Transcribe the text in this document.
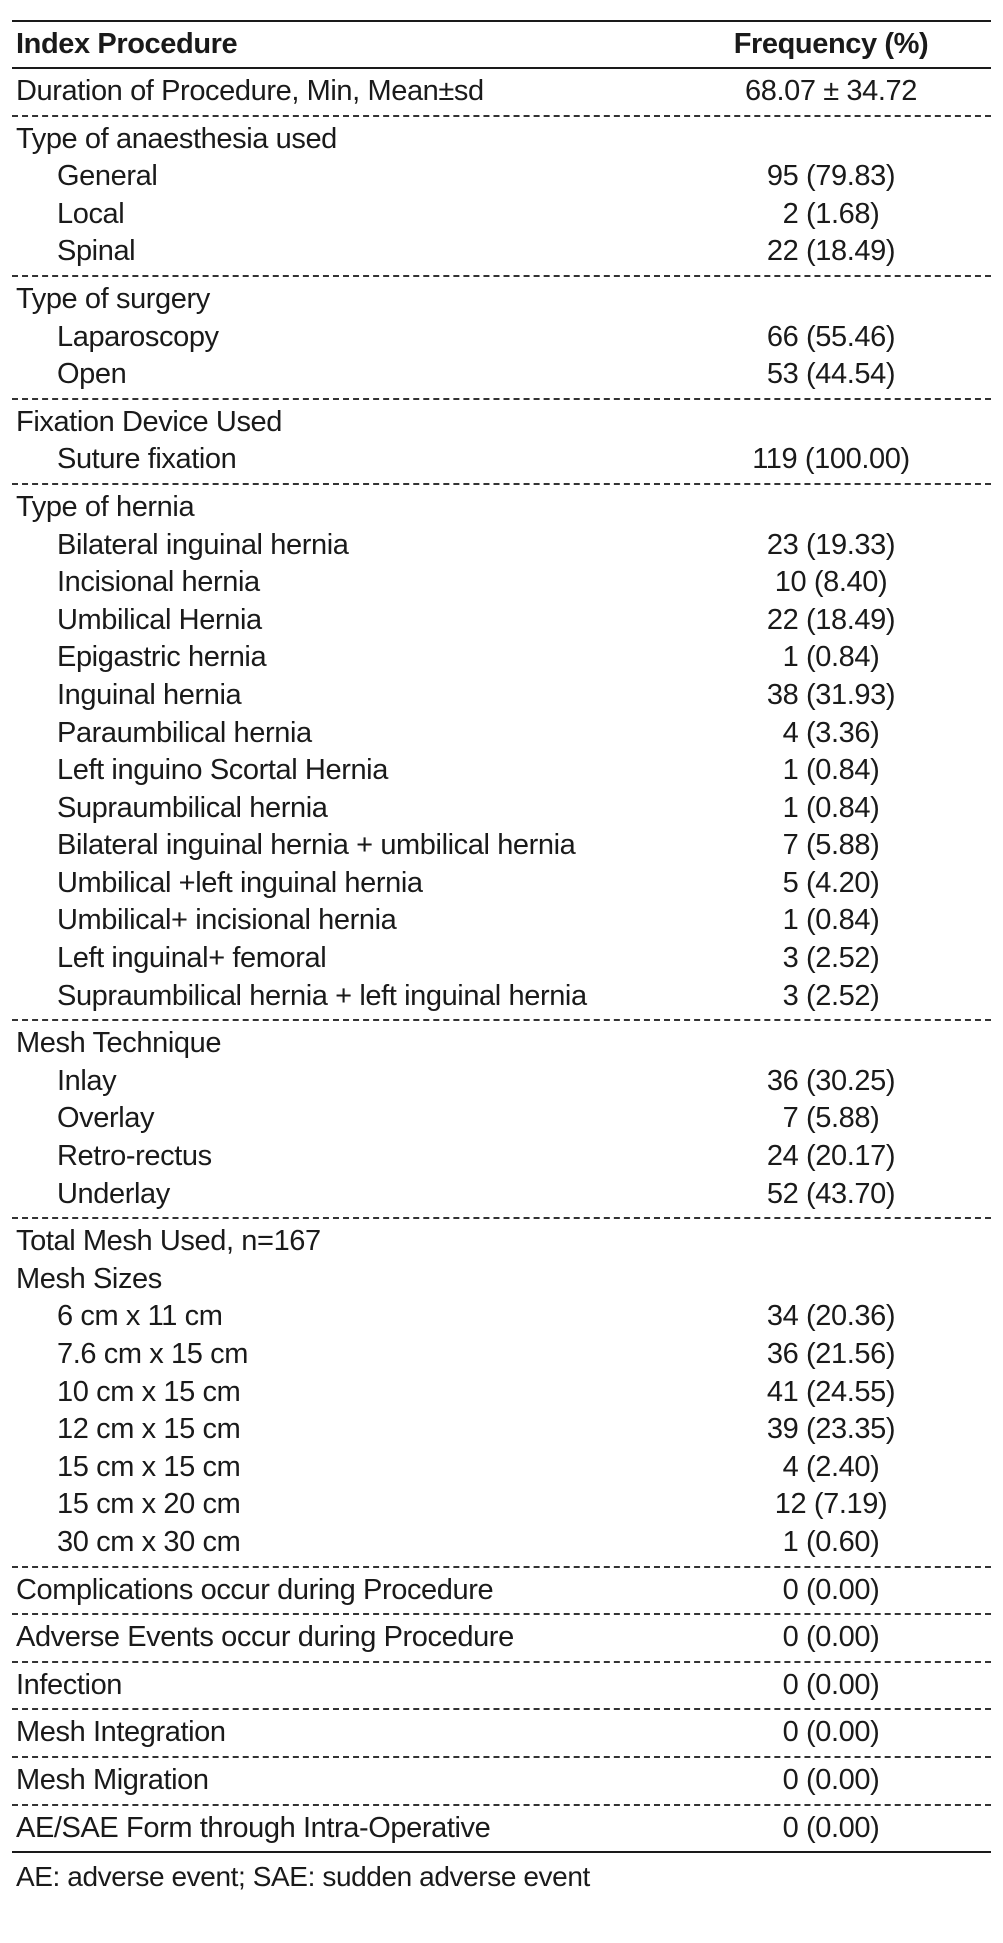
Index Procedure	Frequency (%)
Duration of Procedure, Min, Mean±sd	68.07 ± 34.72
Type of anaesthesia used
General	95 (79.83)
Local	2 (1.68)
Spinal	22 (18.49)
Type of surgery
Laparoscopy	66 (55.46)
Open	53 (44.54)
Fixation Device Used
Suture fixation	119 (100.00)
Type of hernia
Bilateral inguinal hernia	23 (19.33)
Incisional hernia	10 (8.40)
Umbilical Hernia	22 (18.49)
Epigastric hernia	1 (0.84)
Inguinal hernia	38 (31.93)
Paraumbilical hernia	4 (3.36)
Left inguino Scortal Hernia	1 (0.84)
Supraumbilical hernia	1 (0.84)
Bilateral inguinal hernia + umbilical hernia	7 (5.88)
Umbilical +left inguinal hernia	5 (4.20)
Umbilical+ incisional hernia	1 (0.84)
Left inguinal+ femoral	3 (2.52)
Supraumbilical hernia + left inguinal hernia	3 (2.52)
Mesh Technique
Inlay	36 (30.25)
Overlay	7 (5.88)
Retro-rectus	24 (20.17)
Underlay	52 (43.70)
Total Mesh Used, n=167
Mesh Sizes
6 cm x 11 cm	34 (20.36)
7.6 cm x 15 cm	36 (21.56)
10 cm x 15 cm	41 (24.55)
12 cm x 15 cm	39 (23.35)
15 cm x 15 cm	4 (2.40)
15 cm x 20 cm	12 (7.19)
30 cm x 30 cm	1 (0.60)
Complications occur during Procedure	0 (0.00)
Adverse Events occur during Procedure	0 (0.00)
Infection	0 (0.00)
Mesh Integration	0 (0.00)
Mesh Migration	0 (0.00)
AE/SAE Form through Intra-Operative	0 (0.00)
AE: adverse event; SAE: sudden adverse event
